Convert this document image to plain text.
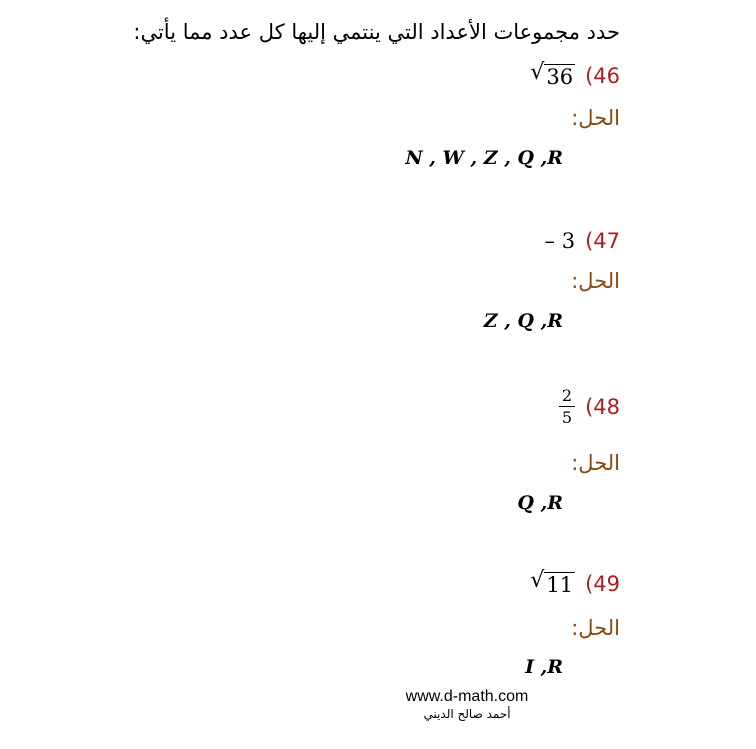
حدد مجموعات الأعداد التي ينتمي إليها كل عدد مما يأتي:
√ 36 (46
الحل:
N , W , Z , Q ,R
– 3 (47
الحل:
Z , Q ,R
$\frac{2}{5} (48$
الحل:
Q ,R
√ 11 (49
الحل:
I ,R
www.d-math.com
أحمد صالح الديني
